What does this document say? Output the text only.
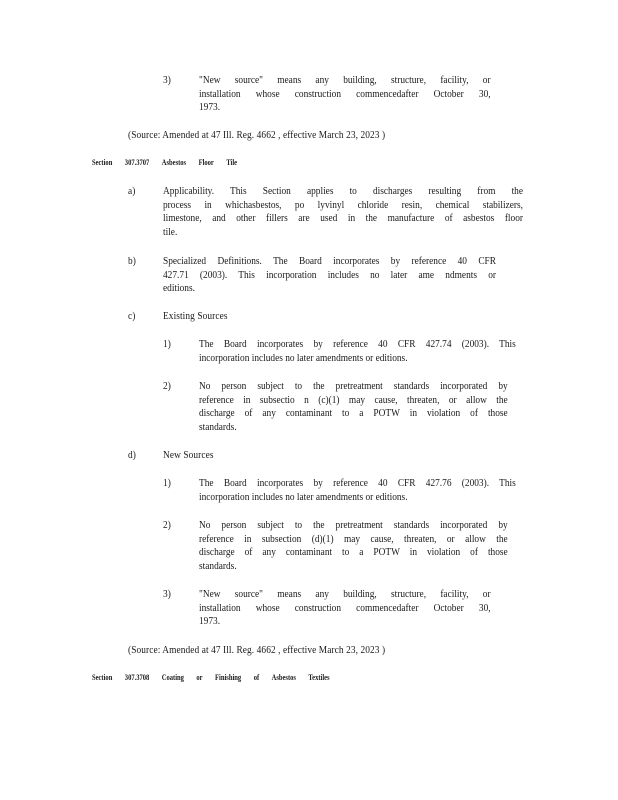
3)	"New source" means any building, structure, facility, or
installation whose construction commencedafter October 30,
1973.
(Source: Amended at 47 Ill. Reg. 4662 , effective March 23, 2023 )
Section 307.3707 Asbestos Floor Tile
a)	Applicability. This Section applies to discharges resulting from the
process in whichasbestos, po lyvinyl chloride resin, chemical stabilizers,
limestone, and other fillers are used in the manufacture of asbestos floor
tile.
b)	Specialized Definitions. The Board incorporates by reference 40 CFR
427.71 (2003). This incorporation includes no later ame ndments or
editions.
c)	Existing Sources
1)	The Board incorporates by reference 40 CFR 427.74 (2003). This
incorporation includes no later amendments or editions.
2)	No person subject to the pretreatment standards incorporated by
reference in subsectio n (c)(1) may cause, threaten, or allow the
discharge of any contaminant to a POTW in violation of those
standards.
d)	New Sources
1)	The Board incorporates by reference 40 CFR 427.76 (2003). This
incorporation includes no later amendments or editions.
2)	No person subject to the pretreatment standards incorporated by
reference in subsection (d)(1) may cause, threaten, or allow the
discharge of any contaminant to a POTW in violation of those
standards.
3)	"New source" means any building, structure, facility, or
installation whose construction commencedafter October 30,
1973.
(Source: Amended at 47 Ill. Reg. 4662 , effective March 23, 2023 )
Section 307.3708 Coating or Finishing of Asbestos Textiles
